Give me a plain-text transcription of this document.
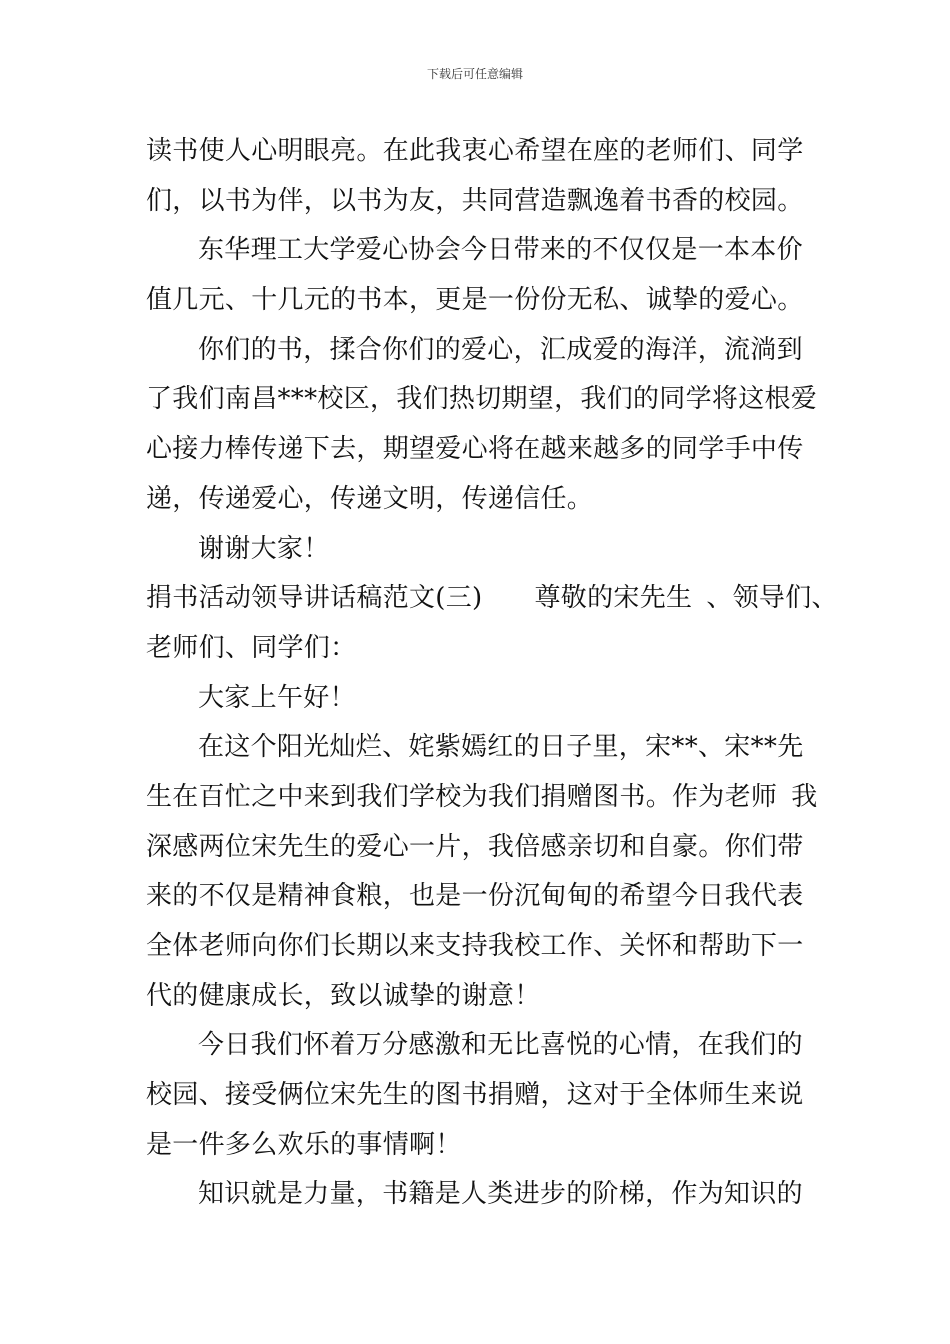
下载后可任意编辑
读书使人心明眼亮。在此我衷心希望在座的老师们、同学
们，以书为伴，以书为友，共同营造飘逸着书香的校园。
东华理工大学爱心协会今日带来的不仅仅是一本本价
值几元、十几元的书本，更是一份份无私、诚挚的爱心。
你们的书，揉合你们的爱心，汇成爱的海洋，流淌到
了我们南昌***校区，我们热切期望，我们的同学将这根爱
心接力棒传递下去，期望爱心将在越来越多的同学手中传
递，传递爱心，传递文明，传递信任。
谢谢大家！
捐书活动领导讲话稿范文(三) 尊敬的宋先生 、领导们、
老师们、同学们：
大家上午好！
在这个阳光灿烂、姹紫嫣红的日子里，宋**、宋**先
生在百忙之中来到我们学校为我们捐赠图书。作为老师 我
深感两位宋先生的爱心一片，我倍感亲切和自豪。你们带
来的不仅是精神食粮，也是一份沉甸甸的希望今日我代表
全体老师向你们长期以来支持我校工作、关怀和帮助下一
代的健康成长，致以诚挚的谢意！
今日我们怀着万分感激和无比喜悦的心情，在我们的
校园、接受俩位宋先生的图书捐赠，这对于全体师生来说
是一件多么欢乐的事情啊！
知识就是力量，书籍是人类进步的阶梯，作为知识的
